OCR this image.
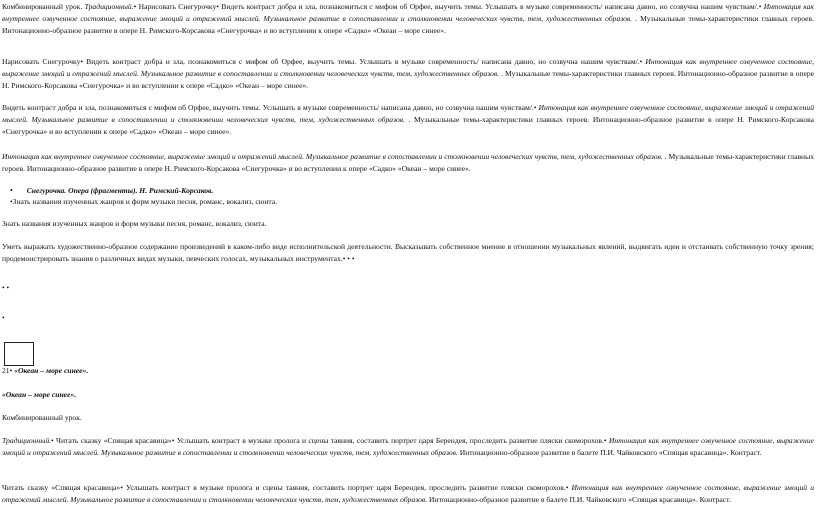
Комбинированный урок. Традиционный.• Нарисовать Снегурочку• Видеть контраст добра и зла, познакомиться с мифом об Орфее, выучить темы. Услышать в музыке современность/ написана давно, но созвучна нашим чувствам/.• Интонация как внутреннее озвученное состояние, выражение эмоций и отражений мыслей. Музыкальное развитие в сопоставлении и столкновении человеческих чувств, тем, художественных образов. . Музыкальные темы-характеристики главных героев. Интонационно-образное развитие в опере Н. Римского-Корсакова «Снегурочка» и во вступлении к опере «Садко» «Океан – море синее».

Нарисовать Снегурочку• Видеть контраст добра и зла, познакомиться с мифом об Орфее, выучить темы. Услышать в музыке современность/ написана давно, но созвучна нашим чувствам/.• Интонация как внутреннее озвученное состояние, выражение эмоций и отражений мыслей. Музыкальное развитие в сопоставлении и столкновении человеческих чувств, тем, художественных образов. . Музыкальные темы-характеристики главных героев. Интонационно-образное развитие в опере Н. Римского-Корсакова «Снегурочка» и во вступлении к опере «Садко» «Океан – море синее».

Видеть контраст добра и зла, познакомиться с мифом об Орфее, выучить темы. Услышать в музыке современность/ написана давно, но созвучна нашим чувствам/.• Интонация как внутреннее озвученное состояние, выражение эмоций и отражений мыслей. Музыкальное развитие в сопоставлении и столкновении человеческих чувств, тем, художественных образов. . Музыкальные темы-характеристики главных героев. Интонационно-образное развитие в опере Н. Римского-Корсакова «Снегурочка» и во вступлении к опере «Садко» «Океан – море синее».

Интонация как внутреннее озвученное состояние, выражение эмоций и отражений мыслей. Музыкальное развитие в сопоставлении и столкновении человеческих чувств, тем, художественных образов. . Музыкальные темы-характеристики главных героев. Интонационно-образное развитие в опере Н. Римского-Корсакова «Снегурочка» и во вступлении к опере «Садко» «Океан – море синее».

• Снегурочка. Опера (фрагменты). Н. Римский-Корсаков.

•Знать названия изученных жанров и форм музыки песня, романс, вокализ, сюита.

Знать названия изученных жанров и форм музыки песня, романс, вокализ, сюита.

Уметь выражать художественно-образное содержание произведений в каком-либо виде исполнительской деятельности. Высказывать собственное мнение в отношении музыкальных явлений, выдвигать идеи и отстаивать собственную точку зрения; продемонстрировать знания о различных видах музыки, певческих голосах, музыкальных инструментах.• • •

• •

•

21• «Океан – море синее».

«Океан – море синее».

Комбинированный урок.

Традиционный.• Читать сказку «Спящая красавица»• Услышать контраст в музыке пролога и сцены таяния, составить портрет царя Берендея, проследить развитие пляски скоморохов.• Интонация как внутреннее озвученное состояние, выражение эмоций и отражений мыслей. Музыкальное развитие в сопоставлении и столкновении человеческих чувств, тем, художественных образов. Интонационно-образное развитие в балете П.И. Чайковского «Спящая красавица». Контраст.

Читать сказку «Спящая красавица»• Услышать контраст в музыке пролога и сцены таяния, составить портрет царя Берендея, проследить развитие пляски скоморохов.• Интонация как внутреннее озвученное состояние, выражение эмоций и отражений мыслей. Музыкальное развитие в сопоставлении и столкновении человеческих чувств, тем, художественных образов. Интонационно-образное развитие в балете П.И. Чайковского «Спящая красавица». Контраст.
